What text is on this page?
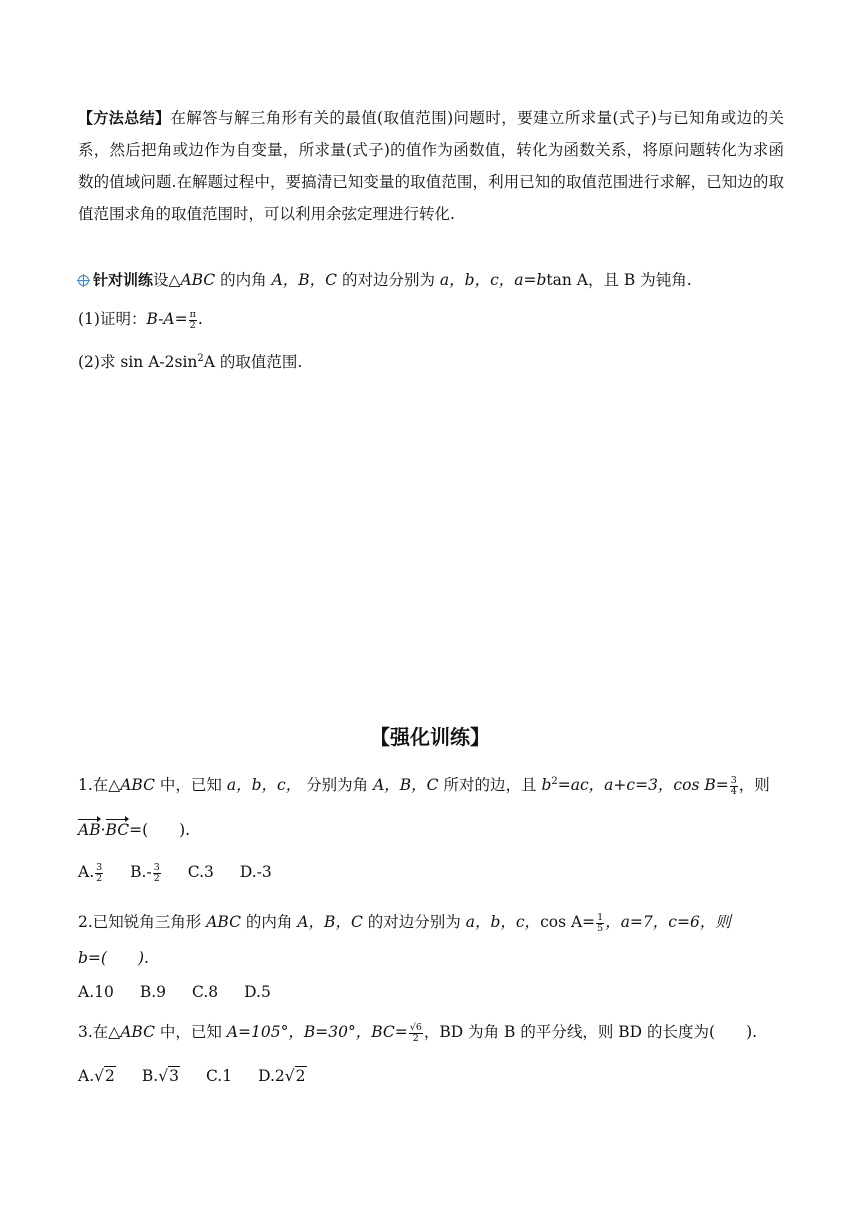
【方法总结】在解答与解三角形有关的最值(取值范围)问题时，要建立所求量(式子)与已知角或边的关系，然后把角或边作为自变量，所求量(式子)的值作为函数值，转化为函数关系，将原问题转化为求函数的值域问题.在解题过程中，要搞清已知变量的取值范围，利用已知的取值范围进行求解，已知边的取值范围求角的取值范围时，可以利用余弦定理进行转化.
针对训练设△ABC 的内角 A，B，C 的对边分别为 a，b，c，a=btan A，且 B 为钝角.
(1)证明：$B-A= \frac{\pi}{2}$ .
(2)求 $\sin A-2\sin^2A$ 的取值范围.
【强化训练】
1.在△ABC 中，已知 a，b，c， 分别为角 A，B，C 所对的边，且 $b^2=ac$，a+c=3，$\cos B= \frac{3}{4}$ ，则
AB·BC=(　　).
A. $\frac{3}{2} B.- \frac{3}{2} C.3$ D.-3
2.已知锐角三角形 ABC 的内角 A，B，C 的对边分别为 a，b，c，$\cos A= \frac{1}{5}$ ，a=7，c=6，则
b=(　　).
A.10 B.9 C.8 D.5
3.在△ABC 中，已知 A=105°，B=30°，$BC= \frac{√6}{2}$ ，BD 为角 B 的平分线，则 BD 的长度为(　　).
A.√2 B.√3 C.1 D.2√2
